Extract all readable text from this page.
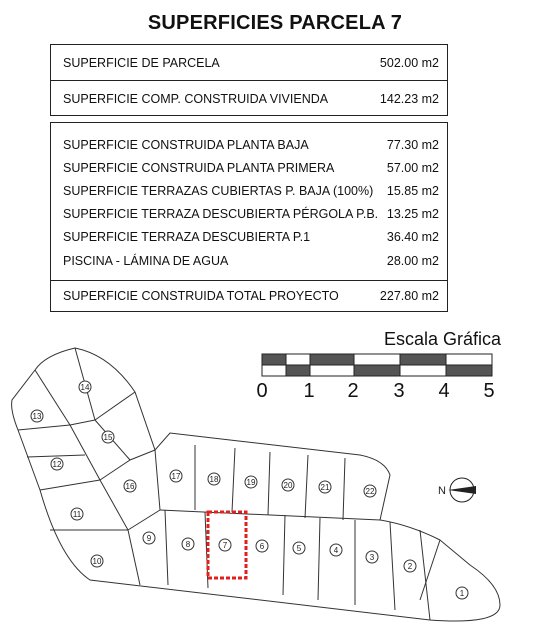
SUPERFICIES PARCELA 7
SUPERFICIE DE PARCELA	502.00 m2
SUPERFICIE COMP. CONSTRUIDA VIVIENDA	142.23 m2
SUPERFICIE CONSTRUIDA PLANTA BAJA	77.30 m2
SUPERFICIE CONSTRUIDA PLANTA PRIMERA	57.00 m2
SUPERFICIE TERRAZAS CUBIERTAS P. BAJA (100%) 15.85 m2
SUPERFICIE TERRAZA DESCUBIERTA PÉRGOLA P.B. 13.25 m2
SUPERFICIE TERRAZA DESCUBIERTA P.1	36.40 m2
PISCINA - LÁMINA DE AGUA	28.00 m2
SUPERFICIE CONSTRUIDA TOTAL PROYECTO	227.80 m2
Escala Gráfica
0 1 2 3 4 5
1
2
3
4
5
6
7
8
9
10
11
12
13
14
15
16
17	18	19	20	21	22	N
